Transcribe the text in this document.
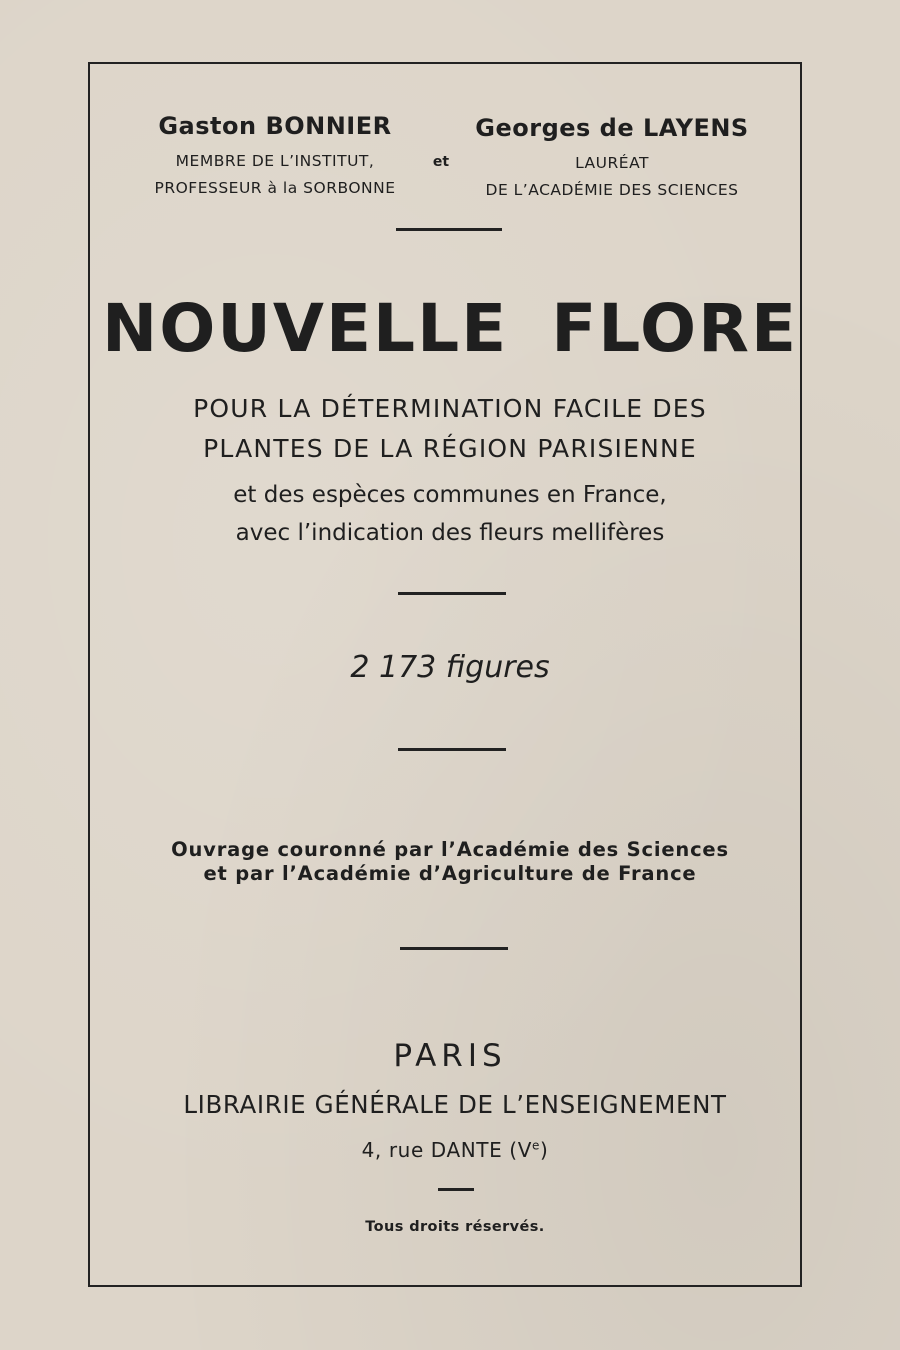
Gaston BONNIER
MEMBRE DE L’INSTITUT,
PROFESSEUR à la SORBONNE
et
Georges de LAYENS
LAURÉAT
DE L’ACADÉMIE DES SCIENCES
NOUVELLE FLORE
POUR LA DÉTERMINATION FACILE DES
PLANTES DE LA RÉGION PARISIENNE
et des espèces communes en France,
avec l’indication des fleurs mellifères
2 173 figures
Ouvrage couronné par l’Académie des Sciences
et par l’Académie d’Agriculture de France
PARIS
LIBRAIRIE GÉNÉRALE DE L’ENSEIGNEMENT
4, rue DANTE (Ve)
Tous droits réservés.
